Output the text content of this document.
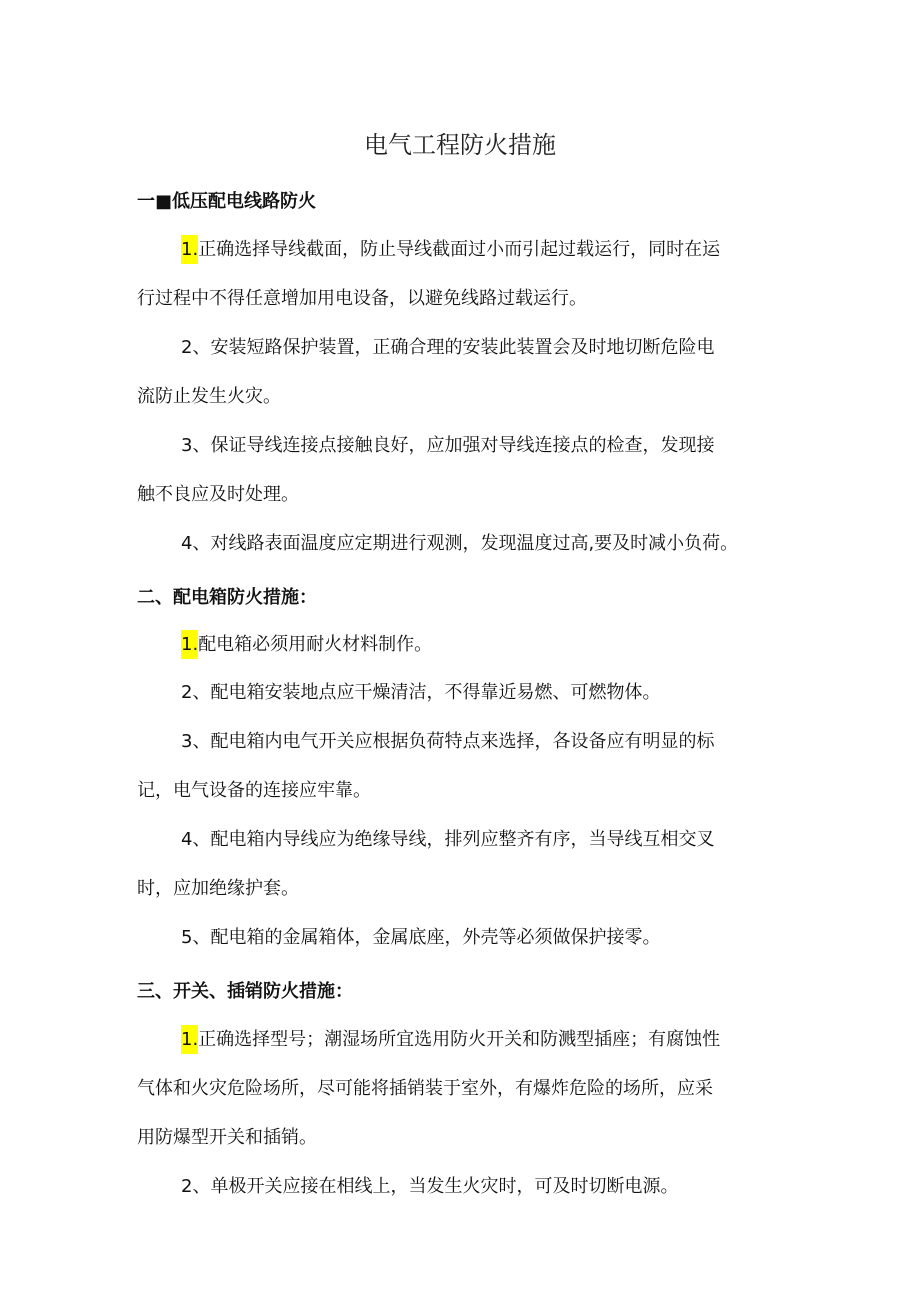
电气工程防火措施
一■低压配电线路防火
1.正确选择导线截面，防止导线截面过小而引起过载运行，同时在运
行过程中不得任意增加用电设备，以避免线路过载运行。
2、安装短路保护装置，正确合理的安装此装置会及时地切断危险电
流防止发生火灾。
3、保证导线连接点接触良好，应加强对导线连接点的检查，发现接
触不良应及时处理。
4、对线路表面温度应定期进行观测，发现温度过高,要及时减小负荷。
二、配电箱防火措施：
1.配电箱必须用耐火材料制作。
2、配电箱安装地点应干燥清洁，不得靠近易燃、可燃物体。
3、配电箱内电气开关应根据负荷特点来选择，各设备应有明显的标
记，电气设备的连接应牢靠。
4、配电箱内导线应为绝缘导线，排列应整齐有序，当导线互相交叉
时，应加绝缘护套。
5、配电箱的金属箱体，金属底座，外壳等必须做保护接零。
三、开关、插销防火措施：
1.正确选择型号；潮湿场所宜选用防火开关和防溅型插座；有腐蚀性
气体和火灾危险场所，尽可能将插销装于室外，有爆炸危险的场所，应采
用防爆型开关和插销。
2、单极开关应接在相线上，当发生火灾时，可及时切断电源。
